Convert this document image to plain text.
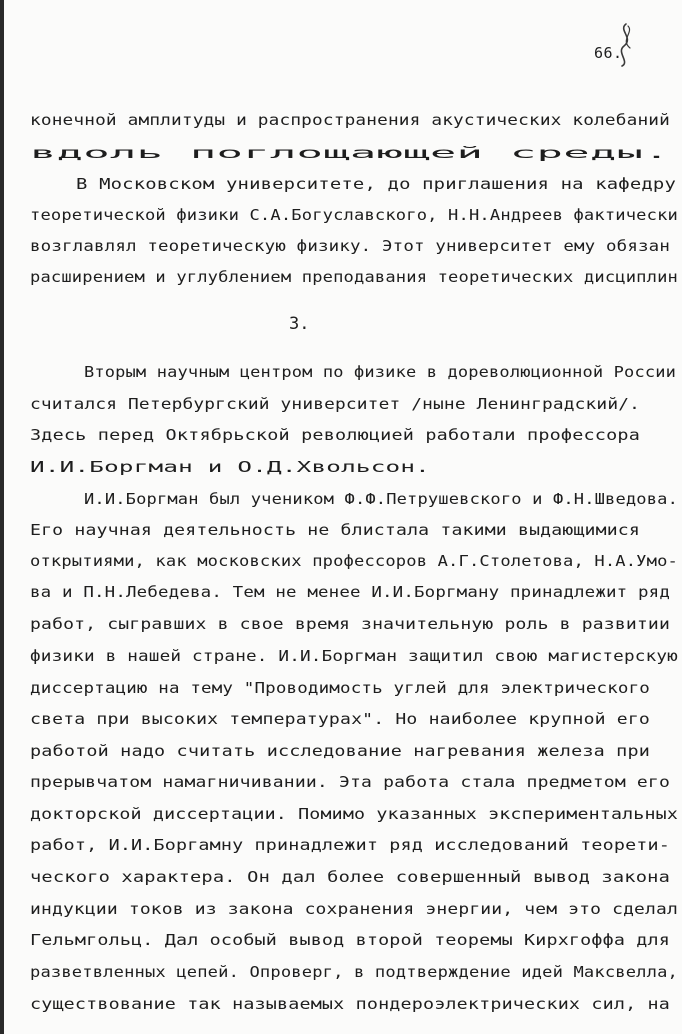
66.
конечной амплитуды и распространения акустических колебаний
вдоль поглощающей среды.
В Московском университете, до приглашения на кафедру
теоретической физики С.А.Богуславского, Н.Н.Андреев фактически
возглавлял теоретическую физику. Этот университет ему обязан
расширением и углублением преподавания теоретических дисциплин
3.
Вторым научным центром по физике в дореволюционной России
считался Петербургский университет /ныне Ленинградский/.
Здесь перед Октябрьской революцией работали профессора
И.И.Боргман и О.Д.Хвольсон.
И.И.Боргман был учеником Ф.Ф.Петрушевского и Ф.Н.Шведова.
Его научная деятельность не блистала такими выдающимися
открытиями, как московских профессоров А.Г.Столетова, Н.А.Умо-
ва и П.Н.Лебедева. Тем не менее И.И.Боргману принадлежит ряд
работ, сыгравших в свое время значительную роль в развитии
физики в нашей стране. И.И.Боргман защитил свою магистерскую
диссертацию на тему "Проводимость углей для электрического
света при высоких температурах". Но наиболее крупной его
работой надо считать исследование нагревания железа при
прерывчатом намагничивании. Эта работа стала предметом его
докторской диссертации. Помимо указанных экспериментальных
работ, И.И.Боргамну принадлежит ряд исследований теорети-
ческого характера. Он дал более совершенный вывод закона
индукции токов из закона сохранения энергии, чем это сделал
Гельмгольц. Дал особый вывод второй теоремы Кирхгоффа для
разветвленных цепей. Опроверг, в подтверждение идей Максвелла,
существование так называемых пондероэлектрических сил, на
